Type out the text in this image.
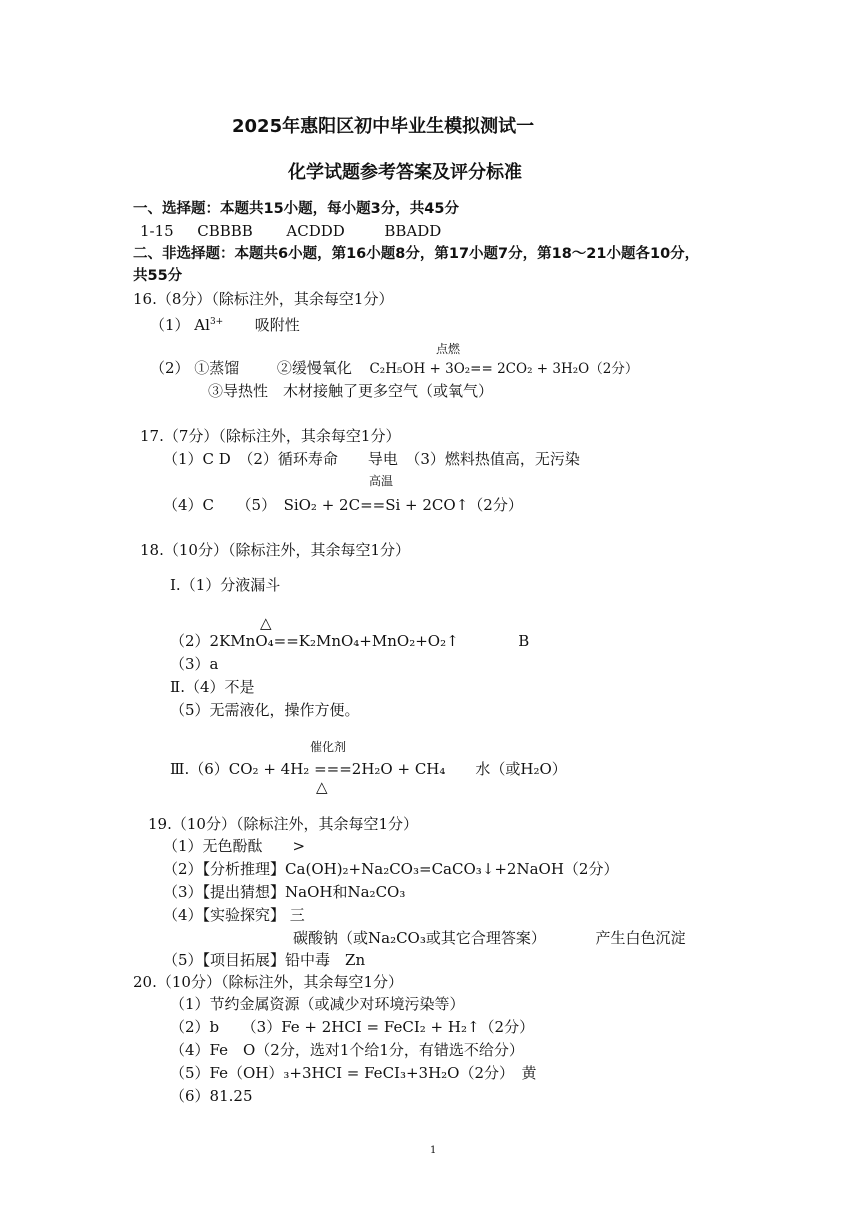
2025年惠阳区初中毕业生模拟测试一
化学试题参考答案及评分标准
一、选择题：本题共15小题，每小题3分，共45分
1-15 CBBBB ACDDD	BBADD
二、非选择题：本题共6小题，第16小题8分，第17小题7分，第18～21小题各10分，
共55分
16.（8分）（除标注外，其余每空1分）
（1） $Al^{3+}$ 吸附性
点燃
（2） ①蒸馏	②缓慢氧化 C₂H₅OH + 3O₂== 2CO₂ + 3H₂O（2分）
③导热性　木材接触了更多空气（或氧气）
17.（7分）（除标注外，其余每空1分）
（1）C D　（2）循环寿命　　导电　（3）燃料热值高，无污染
高温
（4）C　　（5）　SiO₂ + 2C==Si + 2CO↑（2分）
18.（10分）（除标注外，其余每空1分）
Ⅰ.（1）分液漏斗
△
（2）2KMnO₄==K₂MnO₄+MnO₂+O₂↑	B
（3）a
Ⅱ.（4）不是
（5）无需液化，操作方便。
催化剂
Ⅲ.（6）CO₂ + 4H₂ ===2H₂O + CH₄　　水（或H₂O）
△
19.（10分）（除标注外，其余每空1分）
（1）无色酚酞　　>
（2）【分析推理】Ca(OH)₂+Na₂CO₃=CaCO₃↓+2NaOH（2分）
（3）【提出猜想】NaOH和Na₂CO₃
（4）【实验探究】 三
碳酸钠（或Na₂CO₃或其它合理答案）	产生白色沉淀
（5）【项目拓展】铅中毒　Zn
20.（10分）（除标注外，其余每空1分）
（1）节约金属资源（或减少对环境污染等）
（2）b　　（3）Fe + 2HCI = FeCI₂ + H₂↑（2分）
（4）Fe　O（2分，选对1个给1分，有错选不给分）
（5）Fe（OH）₃+3HCI = FeCI₃+3H₂O（2分）　黄
（6）81.25
1
